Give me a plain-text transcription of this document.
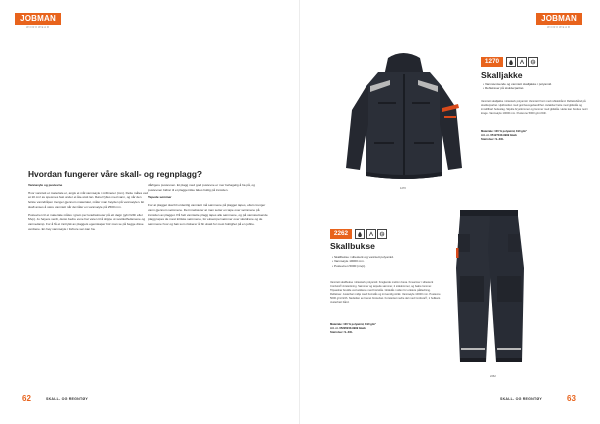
JOBMAN
WORKWEAR
Hvordan fungerer våre skall- og regnplagg?

Vannavyle og pustevne

Hvor vanntett et materiale er, angis et mål vannsøyle i millimeter (mm). Dette måles ved at 10 cm² av spesmes fast under et åte-stott lan. Rørel fylles med vann, og når den første vanndråpen trenger gjennom materialet, måler man høyden på vannsøylen. Et skaft anses å være vanntett når det tåler en vannsøyle på 2500 mm.

Pustevnen til et materiale måles i gram per kvadratmeter på ett døgn (g/m²/24h eller Mvp). Jo høyere verdi, desto bedre evne har varen til å slippe ut svettkoffedamene og varmedamp. For å få et inntrykk av plaggets egenskaper bör man se på begge disse verdiene. En høy vannsøyle i forbore sen kan ha.

dårligere pustevnen. Et plagg med god pustevne er mer behagelig å ha på, og pustevnen bidrar til et plagget ikke føles fuktig på innsiden.

Tepede sømmer

For at plagget skal bli ordentlig vanntett må sømmene på plagget tapes, ellers trenger vann gjennom sømmene. Det innebærer at man setter en tape over sømmene på innsiden av plagget. På helt vanntette plagg tapes alle sømmene, og på vannavvisende plagg tapes de mest kritiske sømmene, for eksempel sømmer over skuldrene og de sømmene hvor og bak som risikerer å bli utsatt for mest fuktighet på en jobbe.

62	SKALL- OG REGNTØY
JOBMAN
WORKWEAR
1270
1270	CE
Skalljakke
• Vannavvisende og vanntett skalljakke i polyamid.
• Refleksser på skulderpartiet.
Vanntett skalljakke i slitesterk polyamid. Vanntett front med refleksbånd. Refleksbånd på skulderpartiet. Hjulbreiden med god bevegelsesfrihet. Avtakbar hette med glidelås og innstillbart hetteslag. Skjulte brystlommer og lommer med glidelås. Hette kan brettes ned i krage. Vannsøyle 10000 mm. Pustevne 5000 g/m²/24h.
Materiale: 100 % polyamid, 190 g/m²
Art. nr. 65127040-9999 black
Størrelser: S–XXL
2262	CE
Skallbukse
• Skallbukse i slitesterk og vanntett polyamid.
• Vannsøyle 10000 mm.
• Pustevnen 5000 (mvp).
Vanntett skallbukse i slitesterk polyamid. Kraglende mellom bena. Knearmer i slitesterk Cordura®-forsterkning. Sømmer og teipede sømmer, 2 sidelommer, og bakre lommer. Tilpassbar bredde ved anklene med borrelås. Glidelås i siden for enklere påkledning. Reflekser. Justerbar midje med borrelås og innvendig strikk. Vannsøyle 10000 mm. Pustevne 5000 g/m²/24h. Nedsiden av benet forsterket. Forsterket nedre del med Cordura®, 1 hullkant. Justerbart bånd.
Materiale: 100 % polyamid, 190 g/m²
Art. nr. 65226240-9999 black
Størrelser: S–XXL
2262
SKALL- OG REGNTØY	63
